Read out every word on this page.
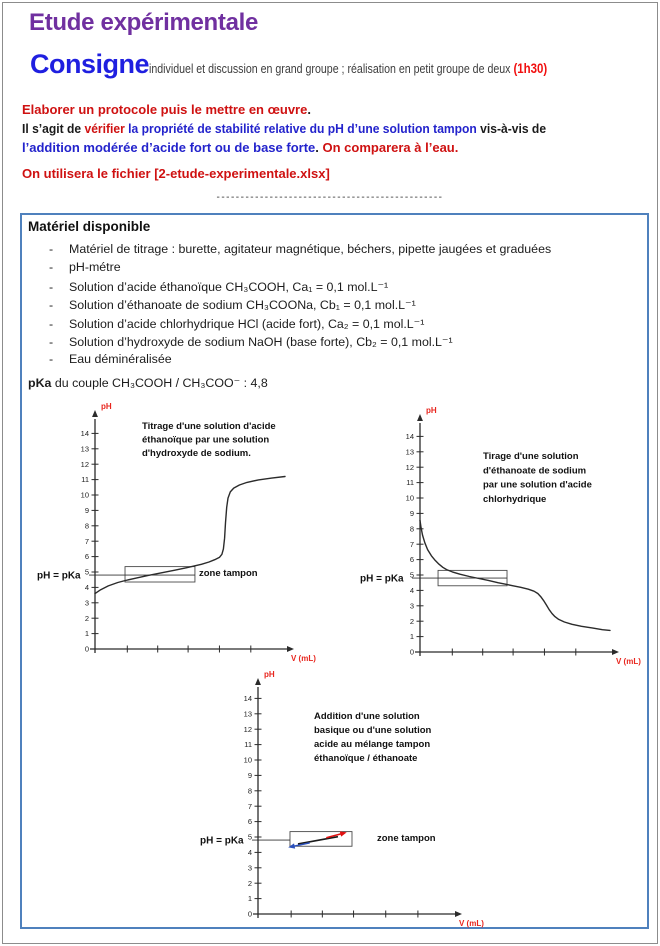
Etude expérimentale
Consigneindividuel et discussion en grand groupe ; réalisation en petit groupe de deux (1h30)
Elaborer un protocole puis le mettre en œuvre.
Il s’agit de vérifier la propriété de stabilité relative du pH d’une solution tampon vis-à-vis de
l’addition modérée d’acide fort ou de base forte. On comparera à l’eau.
On utilisera le fichier [2-etude-experimentale.xlsx]
-----------------------------------------------
Matériel disponible
-	Matériel de titrage : burette, agitateur magnétique, béchers, pipette jaugées et graduées
-	pH-métre
-	Solution d’acide éthanoïque CH₃COOH, Ca₁ = 0,1 mol.L⁻¹
-	Solution d’éthanoate de sodium CH₃COONa, Cb₁ = 0,1 mol.L⁻¹
-	Solution d’acide chlorhydrique HCl (acide fort), Ca₂ = 0,1 mol.L⁻¹
-	Solution d’hydroxyde de sodium NaOH (base forte), Cb₂ = 0,1 mol.L⁻¹
-	Eau déminéralisée
pKa du couple CH₃COOH / CH₃COO⁻ : 4,8
0
1
2
3
4
5
6
7
8
9
10
11
12
13
14
pH
V (mL)
pH = pKa	zone tampon
Titrage d'une solution d'acide
éthanoïque par une solution
d'hydroxyde de sodium.
0
1
2
3
4
5
6
7
8
9
10
11
12
13
14
pH
V (mL)
pH = pKa
Tirage d'une solution
d'éthanoate de sodium
par une solution d'acide
chlorhydrique
0
1
2
3
4
5
6
7
8
9
10
11
12
13
14
pH
V (mL)
pH = pKa	zone tampon
Addition d'une solution
basique ou d'une solution
acide au mélange tampon
éthanoïque / éthanoate
